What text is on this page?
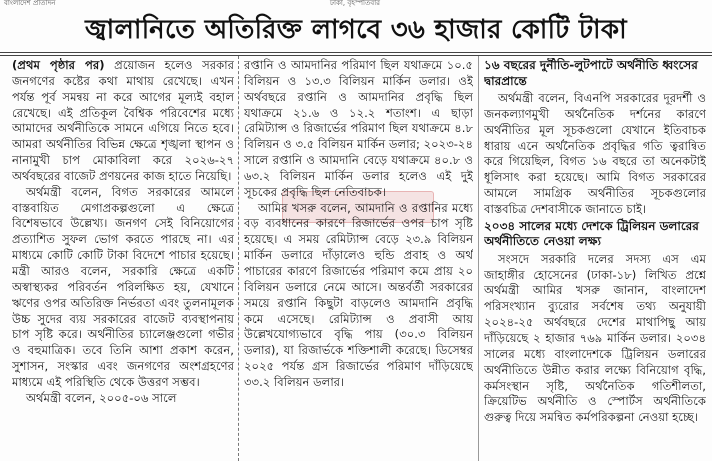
বাংলাদেশ প্রতিদিন	ঢাকা, বৃহস্পতিবার
জ্বালানিতে অতিরিক্ত লাগবে ৩৬ হাজার কোটি টাকা

(প্রথম পৃষ্ঠার পর) প্রয়োজন হলেও সরকার জনগণের কষ্টের কথা মাথায় রেখেছে। এখন পর্যন্ত পূর্ব সমন্বয় না করে আগের মূল্যই বহাল রেখেছে। এই প্রতিকূল বৈশ্বিক পরিবেশের মধ্যে আমাদের অর্থনীতিকে সামনে এগিয়ে নিতে হবে। আমরা অর্থনীতির বিভিন্ন ক্ষেত্রে শৃঙ্খলা স্থাপন ও নানামুখী চাপ মোকাবিলা করে ২০২৬-২৭ অর্থবছরের বাজেট প্রণয়নের কাজ হাতে নিয়েছি।

অর্থমন্ত্রী বলেন, বিগত সরকারের আমলে বাস্তবায়িত মেগাপ্রকল্পগুলো এ ক্ষেত্রে বিশেষভাবে উল্লেখ্য। জনগণ সেই বিনিয়োগের প্রত্যাশিত সুফল ভোগ করতে পারছে না। এর মাধ্যমে কোটি কোটি টাকা বিদেশে পাচার হয়েছে। মন্ত্রী আরও বলেন, সরকারি ক্ষেত্রে একটি অস্বাস্থ্যকর পরিবর্তন পরিলক্ষিত হয়, যেখানে ঋণের ওপর অতিরিক্ত নির্ভরতা এবং তুলনামূলক উচ্চ সুদের ব্যয় সরকারের বাজেট ব্যবস্থাপনায় চাপ সৃষ্টি করে। অর্থনীতির চ্যালেঞ্জগুলো গভীর ও বহুমাত্রিক। তবে তিনি আশা প্রকাশ করেন, সুশাসন, সংস্কার এবং জনগণের অংশগ্রহণের মাধ্যমে এই পরিস্থিতি থেকে উত্তরণ সম্ভব।

অর্থমন্ত্রী বলেন, ২০০৫-০৬ সালে

রপ্তানি ও আমদানির পরিমাণ ছিল যথাক্রমে ১০.৫ বিলিয়ন ও ১৩.৩ বিলিয়ন মার্কিন ডলার। ওই অর্থবছরে রপ্তানি ও আমদানির প্রবৃদ্ধি ছিল যথাক্রমে ২১.৬ ও ১২.২ শতাংশ। এ ছাড়া রেমিট্যান্স ও রিজার্ভের পরিমাণ ছিল যথাক্রমে ৪.৮ বিলিয়ন ও ৩.৫ বিলিয়ন মার্কিন ডলার; ২০২৩-২৪ সালে রপ্তানি ও আমদানি বেড়ে যথাক্রমে ৪০.৮ ও ৬৩.২ বিলিয়ন মার্কিন ডলার হলেও এই দুই সূচকের প্রবৃদ্ধি ছিল নেতিবাচক।

আমির খসরু বলেন, আমদানি ও রপ্তানির মধ্যে বড় ব্যবধানের কারণে রিজার্ভের ওপর চাপ সৃষ্টি হয়েছে। এ সময় রেমিট্যান্স বেড়ে ২৩.৯ বিলিয়ন মার্কিন ডলারে দাঁড়ালেও হুন্ডি প্রবাহ ও অর্থ পাচারের কারণে রিজার্ভের পরিমাণ কমে প্রায় ২০ বিলিয়ন ডলারে নেমে আসে। অন্তর্বর্তী সরকারের সময়ে রপ্তানি কিছুটা বাড়লেও আমদানি প্রবৃদ্ধি কমে এসেছে। রেমিট্যান্স ও প্রবাসী আয় উল্লেখযোগ্যভাবে বৃদ্ধি পায় (৩০.৩ বিলিয়ন ডলার), যা রিজার্ভকে শক্তিশালী করেছে। ডিসেম্বর ২০২৫ পর্যন্ত গ্রস রিজার্ভের পরিমাণ দাঁড়িয়েছে ৩৩.২ বিলিয়ন ডলার।

১৬ বছরের দুর্নীতি-লুটপাটে অর্থনীতি ধ্বংসের দ্বারপ্রান্তে

অর্থমন্ত্রী বলেন, বিএনপি সরকারের দূরদর্শী ও জনকল্যাণমুখী অর্থনৈতিক দর্শনের কারণে অর্থনীতির মূল সূচকগুলো যেখানে ইতিবাচক ধারায় এনে অর্থনৈতিক প্রবৃদ্ধির গতি ত্বরান্বিত করে গিয়েছিল, বিগত ১৬ বছরে তা অনেকটাই ধূলিসাৎ করা হয়েছে। আমি বিগত সরকারের আমলে সামগ্রিক অর্থনীতির সূচকগুলোর বাস্তবচিত্র দেশবাসীকে জানাতে চাই।

২০৩৪ সালের মধ্যে দেশকে ট্রিলিয়ন ডলারের অর্থনীতিতে নেওয়া লক্ষ্য

সংসদে সরকারি দলের সদস্য এস এম জাহাঙ্গীর হোসেনের (ঢাকা-১৮) লিখিত প্রশ্নে অর্থমন্ত্রী আমির খসরু জানান, বাংলাদেশ পরিসংখ্যান ব্যুরোর সর্বশেষ তথ্য অনুযায়ী ২০২৪-২৫ অর্থবছরে দেশের মাথাপিছু আয় দাঁড়িয়েছে ২ হাজার ৭৬৯ মার্কিন ডলার। ২০৩৪ সালের মধ্যে বাংলাদেশকে ট্রিলিয়ন ডলারের অর্থনীতিতে উন্নীত করার লক্ষ্যে বিনিয়োগ বৃদ্ধি, কর্মসংস্থান সৃষ্টি, অর্থনৈতিক গতিশীলতা, ক্রিয়েটিভ অর্থনীতি ও স্পোর্টস অর্থনীতিকে গুরুত্ব দিয়ে সমন্বিত কর্মপরিকল্পনা নেওয়া হচ্ছে।
